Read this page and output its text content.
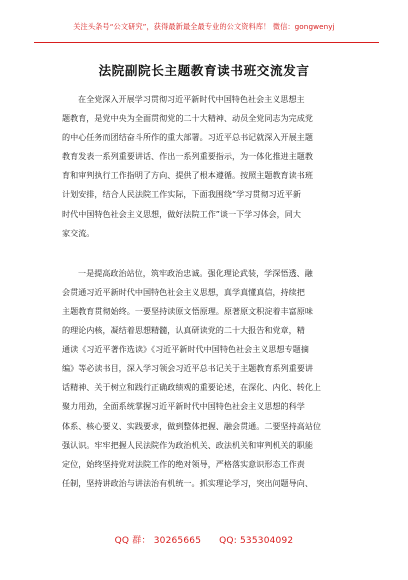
关注头条号“公文研究”，获得最新最全最专业的公文资料库！ 微信：gongwenyj
法院副院长主题教育读书班交流发言
在全党深入开展学习贯彻习近平新时代中国特色社会主义思想主
题教育，是党中央为全面贯彻党的二十大精神、动员全党同志为完成党
的中心任务而团结奋斗所作的重大部署。习近平总书记就深入开展主题
教育发表一系列重要讲话、作出一系列重要指示，为一体化推进主题教
育和审判执行工作指明了方向、提供了根本遵循。按照主题教育读书班
计划安排，结合人民法院工作实际，下面我围绕“学习贯彻习近平新
时代中国特色社会主义思想，做好法院工作”谈一下学习体会，同大
家交流。
一是提高政治站位，筑牢政治忠诚。强化理论武装，学深悟透、融
会贯通习近平新时代中国特色社会主义思想，真学真懂真信，持续把
主题教育贯彻始终。一要坚持读原文悟原理。原著原文积淀着丰富原味
的理论内核，凝结着思想精髓，认真研读党的二十大报告和党章，精
通读《习近平著作选读》《习近平新时代中国特色社会主义思想专题摘
编》等必读书目，深入学习领会习近平总书记关于主题教育系列重要讲
话精神、关于树立和践行正确政绩观的重要论述，在深化、内化、转化上
聚力用劲，全面系统掌握习近平新时代中国特色社会主义思想的科学
体系、核心要义、实践要求，做到整体把握、融会贯通。二要坚持高站位
强认识。牢牢把握人民法院作为政治机关、政法机关和审判机关的职能
定位，始终坚持党对法院工作的绝对领导，严格落实意识形态工作责
任制，坚持讲政治与讲法治有机统一。抓实理论学习，突出问题导向、
QQ 群： 30265665 QQ: 535304092
